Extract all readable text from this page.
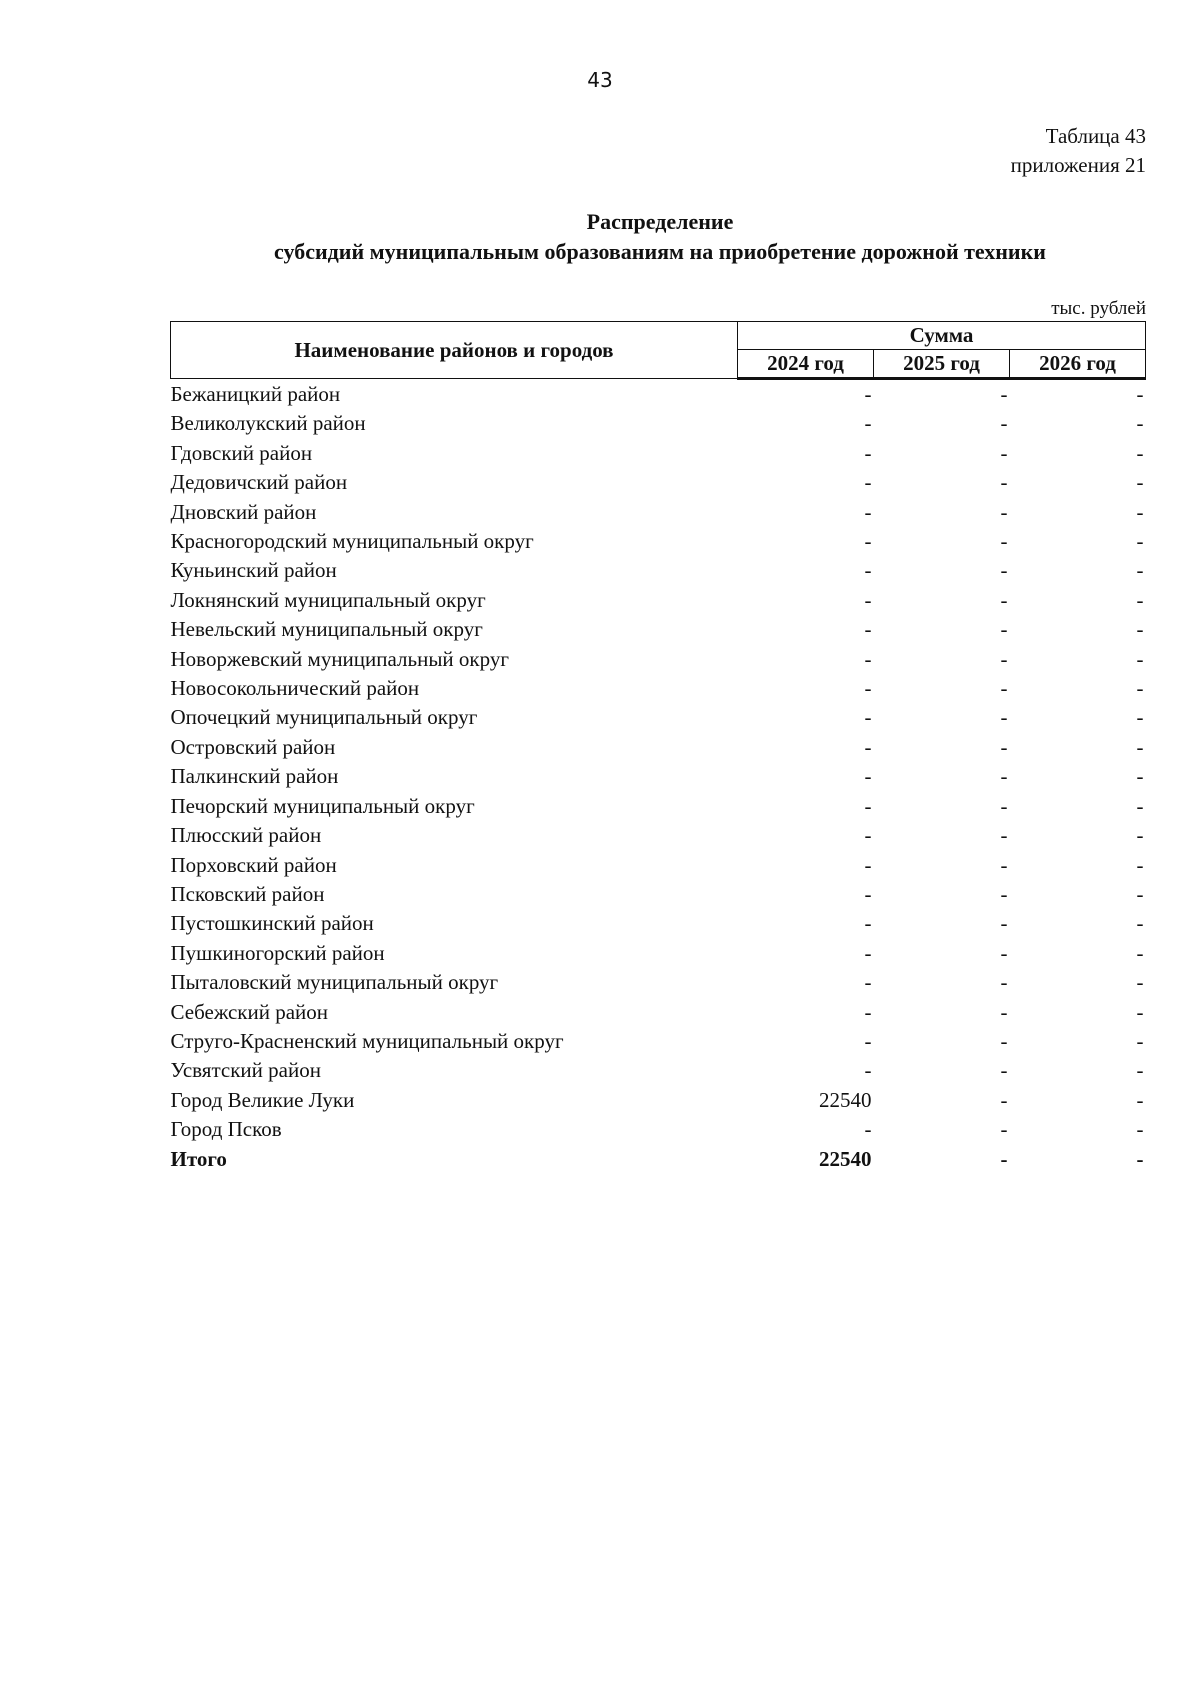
43
Таблица 43
приложения 21
Распределение
субсидий муниципальным образованиям на приобретение дорожной техники
тыс. рублей
Наименование районов и городов	Сумма		
	2024 год	2025 год	2026 год
Бежаницкий район	-	-	-
Великолукский район	-	-	-
Гдовский район	-	-	-
Дедовичский район	-	-	-
Дновский район	-	-	-
Красногородский муниципальный округ	-	-	-
Куньинский район	-	-	-
Локнянский муниципальный округ	-	-	-
Невельский муниципальный округ	-	-	-
Новоржевский муниципальный округ	-	-	-
Новосокольнический район	-	-	-
Опочецкий муниципальный округ	-	-	-
Островский район	-	-	-
Палкинский район	-	-	-
Печорский муниципальный округ	-	-	-
Плюсский район	-	-	-
Порховский район	-	-	-
Псковский район	-	-	-
Пустошкинский район	-	-	-
Пушкиногорский район	-	-	-
Пыталовский муниципальный округ	-	-	-
Себежский район	-	-	-
Струго-Красненский муниципальный округ	-	-	-
Усвятский район	-	-	-
Город Великие Луки	22540	-	-
Город Псков	-	-	-
Итого	22540	-	-
